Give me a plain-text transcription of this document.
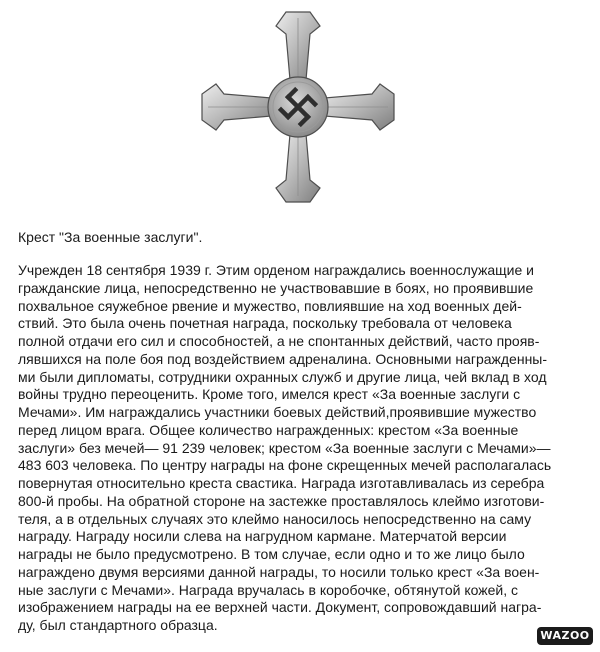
Крест "За военные заслуги".
Учрежден 18 сентября 1939 г. Этим орденом награждались военнослужащие и
гражданские лица, непосредственно не участвовавшие в боях, но проявившие
похвальное сяужебное рвение и мужество, повлиявшие на ход военных дей-
ствий. Это была очень почетная награда, поскольку требовала от человека
полной отдачи его сил и способностей, а не спонтанных действий, часто прояв-
лявшихся на поле боя под воздействием адреналина. Основными награжденны-
ми были дипломаты, сотрудники охранных служб и другие лица, чей вклад в ход
войны трудно переоценить. Кроме того, имелся крест «За военные заслуги с
Мечами». Им награждались участники боевых действий,проявившие мужество
перед лицом врага. Общее количество награжденных: крестом «За военные
заслуги» без мечей— 91 239 человек; крестом «За военные заслуги с Мечами»—
483 603 человека. По центру награды на фоне скрещенных мечей располагалась
повернутая относительно креста свастика. Награда изготавливалась из серебра
800-й пробы. На обратной стороне на застежке проставлялось клеймо изготови-
теля, а в отдельных случаях это клеймо наносилось непосредственно на саму
награду. Награду носили слева на нагрудном кармане. Матерчатой версии
награды не было предусмотрено. В том случае, если одно и то же лицо было
награждено двумя версиями данной награды, то носили только крест «За воен-
ные заслуги с Мечами». Награда вручалась в коробочке, обтянутой кожей, с
изображением награды на ее верхней части. Документ, сопровождавший награ-
ду, был стандартного образца.
WAZOO
